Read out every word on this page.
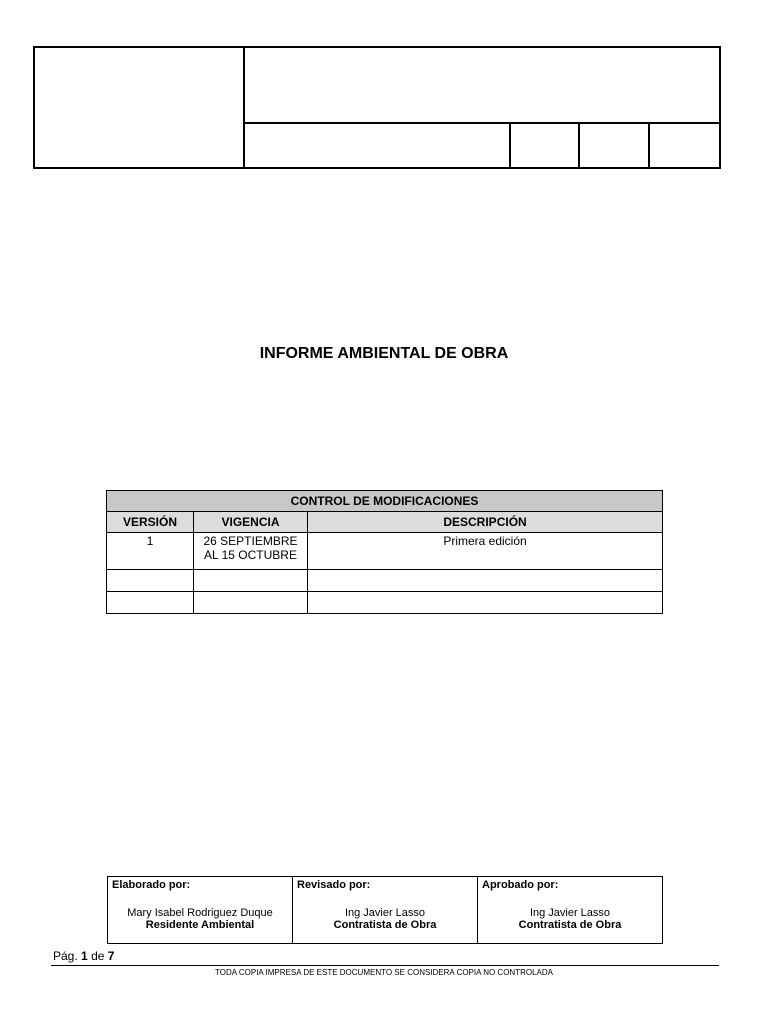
INFORME AMBIENTAL DE OBRA
CONTROL DE MODIFICACIONES		
VERSIÓN	VIGENCIA	DESCRIPCIÓN
1	26 SEPTIEMBRE AL 15 OCTUBRE	Primera edición

Elaborado por:
Mary Isabel Rodriguez Duque
Residente Ambiental

Revisado por:
Ing Javier Lasso
Contratista de Obra

Aprobado por:
Ing Javier Lasso
Contratista de Obra
Pág. 1 de 7
TODA COPIA IMPRESA DE ESTE DOCUMENTO SE CONSIDERA COPIA NO CONTROLADA
